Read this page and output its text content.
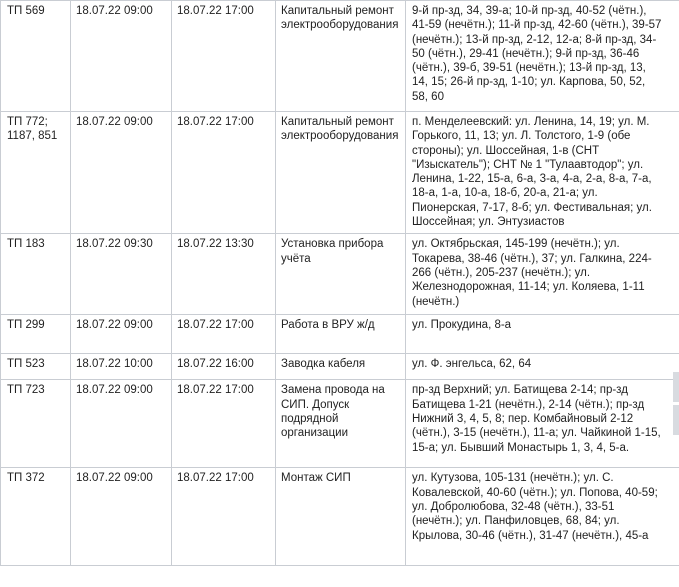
ТП 569	18.07.22 09:00	18.07.22 17:00	Капитальный ремонт электрооборудования	9-й пр-зд, 34, 39-а; 10-й пр-зд, 40-52 (чётн.), 41-59 (нечётн.); 11-й пр-зд, 42-60 (чётн.), 39-57 (нечётн.); 13-й пр-зд, 2-12, 12-а; 8-й пр-зд, 34-50 (чётн.), 29-41 (нечётн.); 9-й пр-зд, 36-46 (чётн.), 39-б, 39-51 (нечётн.); 13-й пр-зд, 13, 14, 15; 26-й пр-зд, 1-10; ул. Карпова, 50, 52, 58, 60
ТП 772; 1187, 851	18.07.22 09:00	18.07.22 17:00	Капитальный ремонт электрооборудования	п. Менделеевский: ул. Ленина, 14, 19; ул. М. Горького, 11, 13; ул. Л. Толстого, 1-9 (обе стороны); ул. Шоссейная, 1-в (СНТ "Изыскатель"); СНТ № 1 "Тулаавтодор"; ул. Ленина, 1-22, 15-а, 6-а, 3-а, 4-а, 2-а, 8-а, 7-а, 18-а, 1-а, 10-а, 18-б, 20-а, 21-а; ул. Пионерская, 7-17, 8-б; ул. Фестивальная; ул. Шоссейная; ул. Энтузиастов
ТП 183	18.07.22 09:30	18.07.22 13:30	Установка прибора учёта	ул. Октябрьская, 145-199 (нечётн.); ул. Токарева, 38-46 (чётн.), 37; ул. Галкина, 224-266 (чётн.), 205-237 (нечётн.); ул. Железнодорожная, 11-14; ул. Коляева, 1-11 (нечётн.)
ТП 299	18.07.22 09:00	18.07.22 17:00	Работа в ВРУ ж/д	ул. Прокудина, 8-а
ТП 523	18.07.22 10:00	18.07.22 16:00	Заводка кабеля	ул. Ф. энгельса, 62, 64
ТП 723	18.07.22 09:00	18.07.22 17:00	Замена провода на СИП. Допуск подрядной организации	пр-зд Верхний; ул. Батищева 2-14; пр-зд Батищева 1-21 (нечётн.), 2-14 (чётн.); пр-зд Нижний 3, 4, 5, 8; пер. Комбайновый 2-12 (чётн.), 3-15 (нечётн.), 11-а; ул. Чайкиной 1-15, 15-а; ул. Бывший Монастырь 1, 3, 4, 5-а.
ТП 372	18.07.22 09:00	18.07.22 17:00	Монтаж СИП	ул. Кутузова, 105-131 (нечётн.); ул. С. Ковалевской, 40-60 (чётн.); ул. Попова, 40-59; ул. Добролюбова, 32-48 (чётн.), 33-51 (нечётн.); ул. Панфиловцев, 68, 84; ул. Крылова, 30-46 (чётн.), 31-47 (нечётн.), 45-а
